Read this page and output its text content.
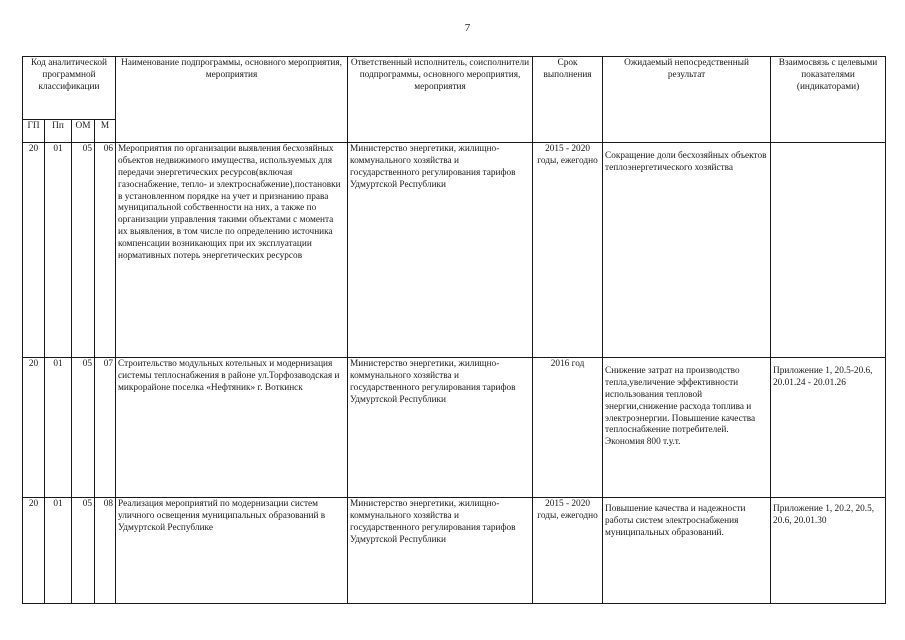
7
Код аналитической программной классификации				Наименование подпрограммы, основного мероприятия, мероприятия	Ответственный исполнитель, соисполнители подпрограммы, основного мероприятия, мероприятия	Срок выполнения	Ожидаемый непосредственный результат	Взаимосвязь с целевыми показателями (индикаторами)
ГП	Пп	ОМ	М					
20	01	05	06	Мероприятия по организации выявления бесхозяйных объектов недвижимого имущества, используемых для передачи энергетических ресурсов(включая газоснабжение, тепло- и электроснабжение),постановки в установленном порядке на учет и признанию права муниципальной собственности на них, а также по организации управления такими объектами с момента их выявления, в том числе по определению источника компенсации возникающих при их эксплуатации нормативных потерь энергетических ресурсов	Министерство энергетики, жилищно-коммунального хозяйства и государственного регулирования тарифов Удмуртской Республики	2015 - 2020 годы, ежегодно	Сокращение доли бесхозяйных объектов теплоэнергетического хозяйства	
20	01	05	07	Строительство модульных котельных и модернизация системы теплоснабжения в районе ул.Торфозаводская и микрорайоне поселка «Нефтяник» г. Воткинск	Министерство энергетики, жилищно-коммунального хозяйства и государственного регулирования тарифов Удмуртской Республики	2016 год	Снижение затрат на производство тепла,увеличение эффективности использования тепловой энергии,снижение расхода топлива и электроэнергии. Повышение качества теплоснабжение потребителей. Экономия 800 т.у.т.	Приложение 1, 20.5-20.6, 20.01.24 - 20.01.26
20	01	05	08	Реализация мероприятий по модернизации систем уличного освещения муниципальных образований в Удмуртской Республике	Министерство энергетики, жилищно-коммунального хозяйства и государственного регулирования тарифов Удмуртской Республики	2015 - 2020 годы, ежегодно	Повышение качества и надежности работы систем электроснабжения муниципальных образований.	Приложение 1, 20.2, 20.5, 20.6, 20.01.30
